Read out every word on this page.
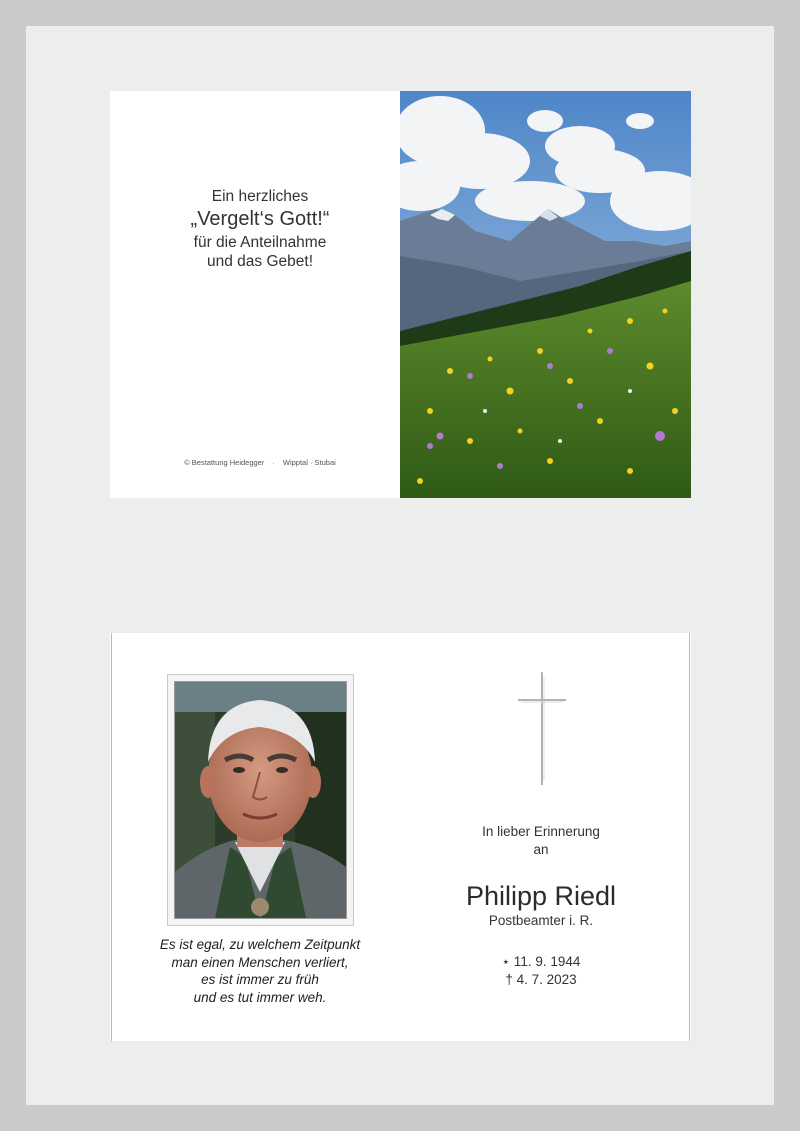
Ein herzliches
„Vergelt‘s Gott!“
für die Anteilnahme
und das Gebet!
© Bestattung Heidegger · Wipptal · Stubai
Es ist egal, zu welchem Zeitpunkt
man einen Menschen verliert,
es ist immer zu früh
und es tut immer weh.
In lieber Erinnerung
an
Philipp Riedl
Postbeamter i. R.
⋆ 11. 9. 1944
† 4. 7. 2023
